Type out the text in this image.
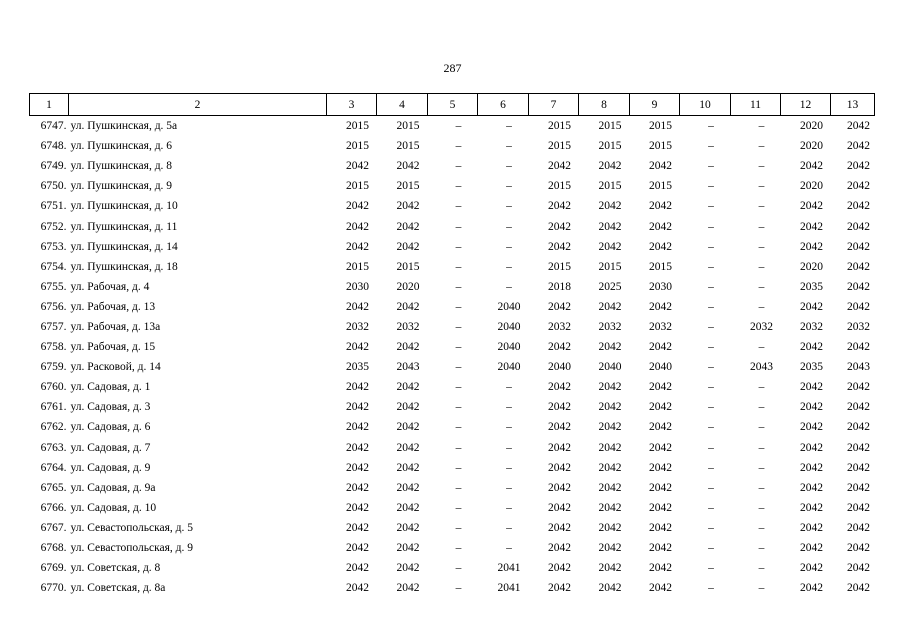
287
1	2	3	4	5	6	7	8	9	10	11	12	13
6747.	ул. Пушкинская, д. 5а	2015	2015	–	–	2015	2015	2015	–	–	2020	2042
6748.	ул. Пушкинская, д. 6	2015	2015	–	–	2015	2015	2015	–	–	2020	2042
6749.	ул. Пушкинская, д. 8	2042	2042	–	–	2042	2042	2042	–	–	2042	2042
6750.	ул. Пушкинская, д. 9	2015	2015	–	–	2015	2015	2015	–	–	2020	2042
6751.	ул. Пушкинская, д. 10	2042	2042	–	–	2042	2042	2042	–	–	2042	2042
6752.	ул. Пушкинская, д. 11	2042	2042	–	–	2042	2042	2042	–	–	2042	2042
6753.	ул. Пушкинская, д. 14	2042	2042	–	–	2042	2042	2042	–	–	2042	2042
6754.	ул. Пушкинская, д. 18	2015	2015	–	–	2015	2015	2015	–	–	2020	2042
6755.	ул. Рабочая, д. 4	2030	2020	–	–	2018	2025	2030	–	–	2035	2042
6756.	ул. Рабочая, д. 13	2042	2042	–	2040	2042	2042	2042	–	–	2042	2042
6757.	ул. Рабочая, д. 13а	2032	2032	–	2040	2032	2032	2032	–	2032	2032	2032
6758.	ул. Рабочая, д. 15	2042	2042	–	2040	2042	2042	2042	–	–	2042	2042
6759.	ул. Расковой, д. 14	2035	2043	–	2040	2040	2040	2040	–	2043	2035	2043
6760.	ул. Садовая, д. 1	2042	2042	–	–	2042	2042	2042	–	–	2042	2042
6761.	ул. Садовая, д. 3	2042	2042	–	–	2042	2042	2042	–	–	2042	2042
6762.	ул. Садовая, д. 6	2042	2042	–	–	2042	2042	2042	–	–	2042	2042
6763.	ул. Садовая, д. 7	2042	2042	–	–	2042	2042	2042	–	–	2042	2042
6764.	ул. Садовая, д. 9	2042	2042	–	–	2042	2042	2042	–	–	2042	2042
6765.	ул. Садовая, д. 9а	2042	2042	–	–	2042	2042	2042	–	–	2042	2042
6766.	ул. Садовая, д. 10	2042	2042	–	–	2042	2042	2042	–	–	2042	2042
6767.	ул. Севастопольская, д. 5	2042	2042	–	–	2042	2042	2042	–	–	2042	2042
6768.	ул. Севастопольская, д. 9	2042	2042	–	–	2042	2042	2042	–	–	2042	2042
6769.	ул. Советская, д. 8	2042	2042	–	2041	2042	2042	2042	–	–	2042	2042
6770.	ул. Советская, д. 8а	2042	2042	–	2041	2042	2042	2042	–	–	2042	2042
